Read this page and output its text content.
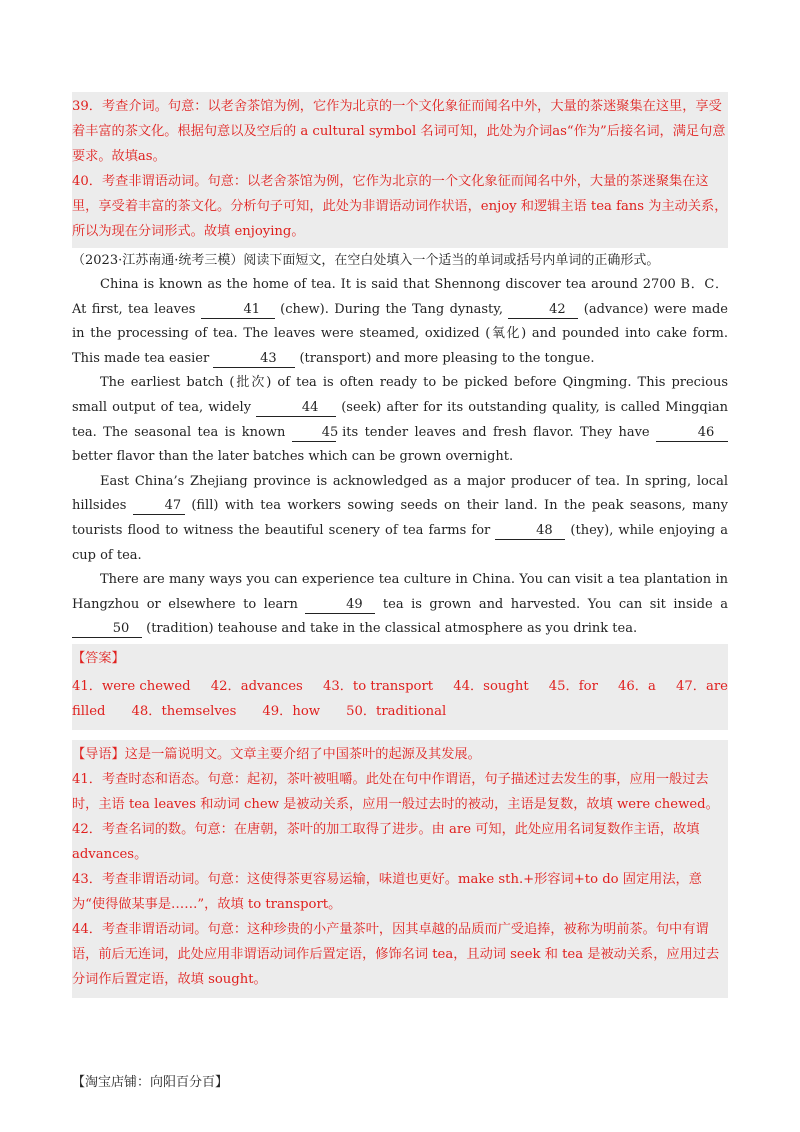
39．考查介词。句意：以老舍茶馆为例，它作为北京的一个文化象征而闻名中外，大量的茶迷聚集在这里，享受着丰富的茶文化。根据句意以及空后的 a cultural symbol 名词可知，此处为介词as“作为”后接名词，满足句意要求。故填as。

40．考查非谓语动词。句意：以老舍茶馆为例，它作为北京的一个文化象征而闻名中外，大量的茶迷聚集在这里，享受着丰富的茶文化。分析句子可知，此处为非谓语动词作状语，enjoy 和逻辑主语 tea fans 为主动关系，所以为现在分词形式。故填 enjoying。

（2023·江苏南通·统考三模）阅读下面短文，在空白处填入一个适当的单词或括号内单词的正确形式。

China is known as the home of tea. It is said that Shennong discover tea around 2700 B．C． At first, tea leaves	41 (chew). During the Tang dynasty,	42 (advance) were made in the processing of tea. The leaves were steamed, oxidized (氧化) and pounded into cake form. This made tea easier	43 (transport) and more pleasing to the tongue.

The earliest batch (批次) of tea is often ready to be picked before Qingming. This precious small output of tea, widely	44 (seek) after for its outstanding quality, is called Mingqian tea. The seasonal tea is known 45 its tender leaves and fresh flavor. They have	46 better flavor than the later batches which can be grown overnight.

East China’s Zhejiang province is acknowledged as a major producer of tea. In spring, local hillsides 47 (fill) with tea workers sowing seeds on their land. In the peak seasons, many tourists flood to witness the beautiful scenery of tea farms for	48 (they), while enjoying a cup of tea.

There are many ways you can experience tea culture in China. You can visit a tea plantation in Hangzhou or elsewhere to learn	49 tea is grown and harvested. You can sit inside a 50 (tradition) teahouse and take in the classical atmosphere as you drink tea.

【答案】

41．were chewed 42．advances 43．to transport 44．sought 45．for 46．a 47．are
filled 48．themselves 49．how 50．traditional

【导语】这是一篇说明文。文章主要介绍了中国茶叶的起源及其发展。

41．考查时态和语态。句意：起初，茶叶被咀嚼。此处在句中作谓语，句子描述过去发生的事，应用一般过去时，主语 tea leaves 和动词 chew 是被动关系，应用一般过去时的被动，主语是复数，故填 were chewed。

42．考查名词的数。句意：在唐朝，茶叶的加工取得了进步。由 are 可知，此处应用名词复数作主语，故填 advances。

43．考查非谓语动词。句意：这使得茶更容易运输，味道也更好。make sth.+形容词+to do 固定用法，意为“使得做某事是……”，故填 to transport。

44．考查非谓语动词。句意：这种珍贵的小产量茶叶，因其卓越的品质而广受追捧，被称为明前茶。句中有谓语，前后无连词，此处应用非谓语动词作后置定语，修饰名词 tea，且动词 seek 和 tea 是被动关系，应用过去分词作后置定语，故填 sought。

【淘宝店铺：向阳百分百】
